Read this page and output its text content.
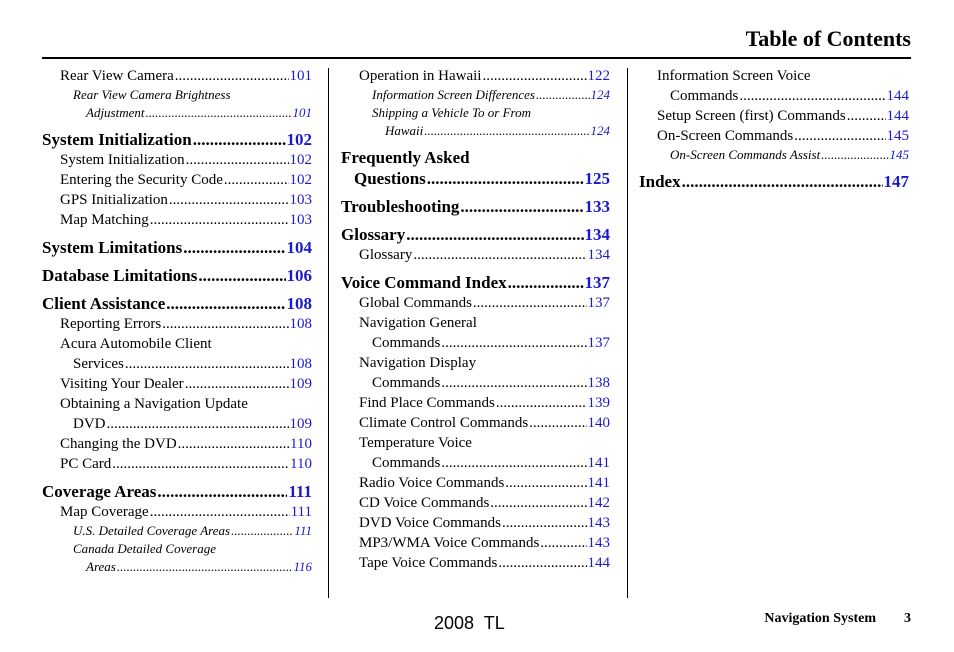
Table of Contents
Rear View Camera .....	101
Rear View Camera Brightness
Adjustment .....	101
System Initialization .....	102
System Initialization .....	102
Entering the Security Code .....	102
GPS Initialization .....	103
Map Matching .....	103
System Limitations .....	104
Database Limitations .....	106
Client Assistance .....	108
Reporting Errors .....	108
Acura Automobile Client
Services .....	108
Visiting Your Dealer .....	109
Obtaining a Navigation Update
DVD .....	109
Changing the DVD .....	110
PC Card .....	110
Coverage Areas .....	111
Map Coverage .....	111
U.S. Detailed Coverage Areas .....	111
Canada Detailed Coverage
Areas .....	116
Operation in Hawaii .....	122
Information Screen Differences .....	124
Shipping a Vehicle To or From
Hawaii .....	124
Frequently Asked
Questions .....	125
Troubleshooting .....	133
Glossary .....	134
Glossary .....	134
Voice Command Index .....	137
Global Commands .....	137
Navigation General
Commands .....	137
Navigation Display
Commands .....	138
Find Place Commands .....	139
Climate Control Commands .....	140
Temperature Voice
Commands .....	141
Radio Voice Commands .....	141
CD Voice Commands .....	142
DVD Voice Commands .....	143
MP3/WMA Voice Commands .....	143
Tape Voice Commands .....	144
Information Screen Voice
Commands .....	144
Setup Screen (first) Commands .....	144
On-Screen Commands .....	145
On-Screen Commands Assist .....	145
Index .....	147
2008  TL	Navigation System 3
